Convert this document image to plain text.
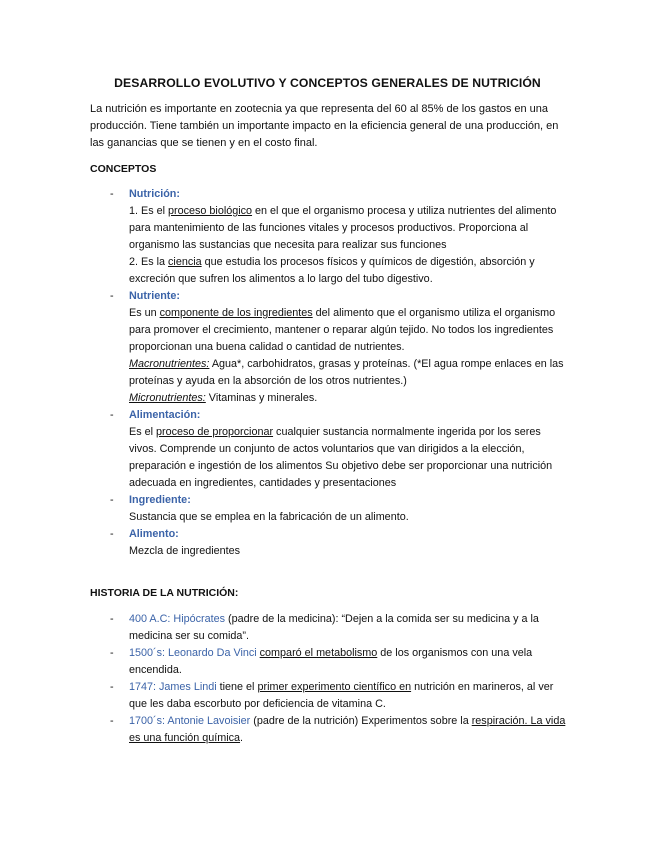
DESARROLLO EVOLUTIVO Y CONCEPTOS GENERALES DE NUTRICIÓN

La nutrición es importante en zootecnia ya que representa del 60 al 85% de los gastos en una producción. Tiene también un importante impacto en la eficiencia general de una producción, en las ganancias que se tienen y en el costo final.

CONCEPTOS

- Nutrición:

1. Es el proceso biológico en el que el organismo procesa y utiliza nutrientes del alimento para mantenimiento de las funciones vitales y procesos productivos. Proporciona al organismo las sustancias que necesita para realizar sus funciones

2. Es la ciencia que estudia los procesos físicos y químicos de digestión, absorción y excreción que sufren los alimentos a lo largo del tubo digestivo.

- Nutriente:

Es un componente de los ingredientes del alimento que el organismo utiliza el organismo para promover el crecimiento, mantener o reparar algún tejido. No todos los ingredientes proporcionan una buena calidad o cantidad de nutrientes.

Macronutrientes: Agua*, carbohidratos, grasas y proteínas. (*El agua rompe enlaces en las proteínas y ayuda en la absorción de los otros nutrientes.)

Micronutrientes: Vitaminas y minerales.

- Alimentación:

Es el proceso de proporcionar cualquier sustancia normalmente ingerida por los seres vivos. Comprende un conjunto de actos voluntarios que van dirigidos a la elección, preparación e ingestión de los alimentos Su objetivo debe ser proporcionar una nutrición adecuada en ingredientes, cantidades y presentaciones

- Ingrediente:

Sustancia que se emplea en la fabricación de un alimento.

- Alimento:

Mezcla de ingredientes

HISTORIA DE LA NUTRICIÓN:

- 400 A.C: Hipócrates (padre de la medicina): “Dejen a la comida ser su medicina y a la medicina ser su comida”.
- 1500´s: Leonardo Da Vinci comparó el metabolismo de los organismos con una vela encendida.
- 1747: James Lindi tiene el primer experimento científico en nutrición en marineros, al ver que les daba escorbuto por deficiencia de vitamina C.
- 1700´s: Antonie Lavoisier (padre de la nutrición) Experimentos sobre la respiración. La vida es una función química.
